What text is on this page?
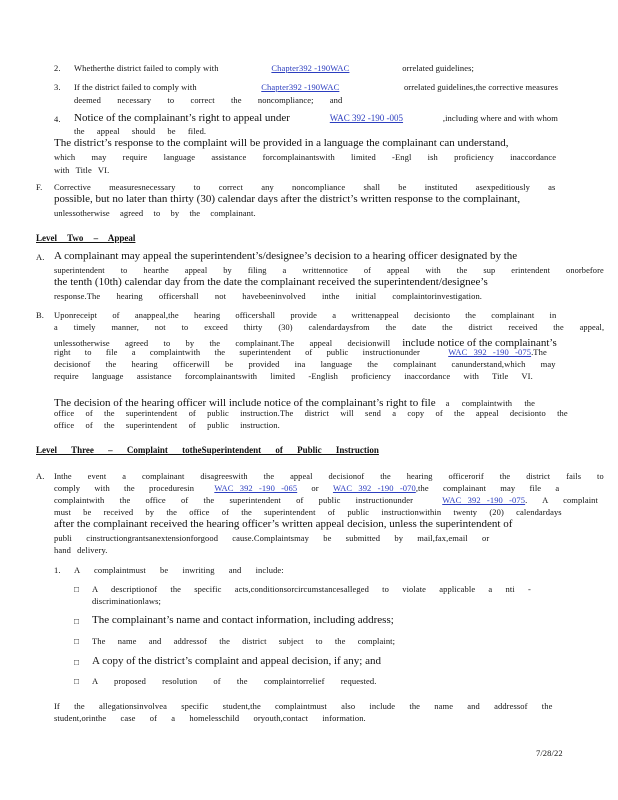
2. Whetherthe district failed to comply with	Chapter392 -190WAC	orrelated guidelines;
3. If the district failed to comply with	Chapter392 -190WAC	orrelated guidelines,the corrective measures
deemed necessary to correct the noncompliance; and
4. Notice of the complainant’s right to appeal under	WAC 392 -190 -005	,including where and with whom
the appeal should be filed.
The district’s response to the complaint will be provided in a language the complainant can understand,
which may require language assistance forcomplainantswith limited -Engl ish proficiency inaccordance
with Title VI.
F. Corrective measuresnecessary to correct any noncompliance shall be instituted asexpeditiously as
possible, but no later than thirty (30) calendar days after the district’s written response to the complainant,
unlessotherwise agreed to by the complainant.
Level Two – Appeal
A. A complainant may appeal the superintendent’s/designee’s decision to a hearing officer designated by the
superintendent to hearthe appeal by filing a writtennotice of appeal with the sup erintendent onorbefore
the tenth (10th) calendar day from the date the complainant received the superintendent/designee’s
response.The hearing officershall not havebeeninvolved inthe initial complaintorinvestigation.
B. Uponreceipt of anappeal,the hearing officershall provide a writtenappeal decisionto the complainant in
a timely manner, not to exceed thirty (30) calendardaysfrom the date the district received the appeal,
unlessotherwise agreed to by the complainant.The appeal decisionwill include notice of the complainant’s
right to file a complaintwith the superintendent of public instructionunder	WAC 392 -190 -075.The
decisionof the hearing officerwill be provided ina language the complainant canunderstand,which may
require language assistance forcomplainantswith limited -English proficiency inaccordance with Title VI.
The decision of the hearing officer will include notice of the complainant’s right to file a complaintwith the
office of the superintendent of public instruction.The district will send a copy of the appeal decisionto the
office of the superintendent of public instruction.
Level Three – Complaint totheSuperintendent of Public Instruction
A. Inthe event a complainant disagreeswith the appeal decisionof the hearing officerorif the district fails to
comply with the proceduresin WAC 392 -190 -065 or WAC 392 -190 -070,the complainant may file a
complaintwith the office of the superintendent of public instructionunder	WAC 392 -190 -075. A complaint
must be received by the office of the superintendent of public instructionwithin twenty (20) calendardays
after the complainant received the hearing officer’s written appeal decision, unless the superintendent of
publi cinstructiongrantsanextensionforgood cause.Complaintsmay be submitted by mail,fax,email or
hand delivery.
1. A complaintmust be inwriting and include:
□ A descriptionof the specific acts,conditionsorcircumstancesalleged to violate applicable a nti -
discriminationlaws;
□ The complainant’s name and contact information, including address;
□ The name and addressof the district subject to the complaint;
□ A copy of the district’s complaint and appeal decision, if any; and
□ A proposed resolution of the complaintorrelief requested.
If the allegationsinvolvea specific student,the complaintmust also include the name and addressof the
student,orinthe case of a homelesschild oryouth,contact information.
7/28/22
